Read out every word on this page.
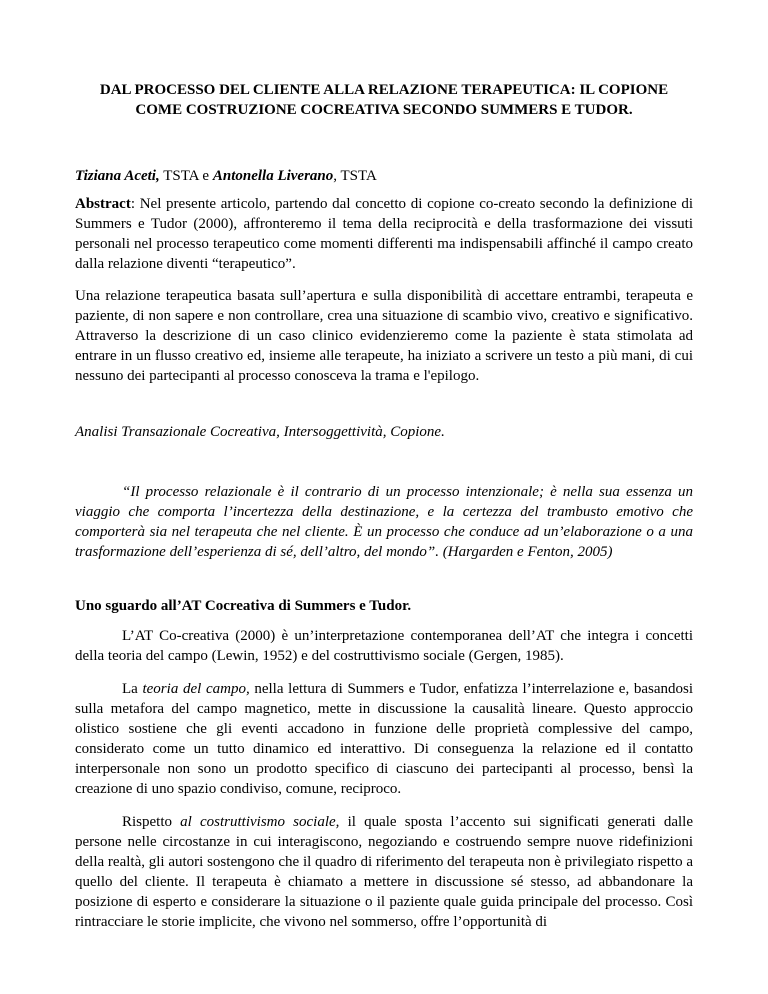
DAL PROCESSO DEL CLIENTE ALLA RELAZIONE TERAPEUTICA: IL COPIONE

COME COSTRUZIONE COCREATIVA SECONDO SUMMERS E TUDOR.

Tiziana Aceti, TSTA e Antonella Liverano, TSTA

Abstract: Nel presente articolo, partendo dal concetto di copione co-creato secondo la definizione di Summers e Tudor (2000), affronteremo il tema della reciprocità e della trasformazione dei vissuti personali nel processo terapeutico come momenti differenti ma indispensabili affinché il campo creato dalla relazione diventi “terapeutico”.

Una relazione terapeutica basata sull’apertura e sulla disponibilità di accettare entrambi, terapeuta e paziente, di non sapere e non controllare, crea una situazione di scambio vivo, creativo e significativo. Attraverso la descrizione di un caso clinico evidenzieremo come la paziente è stata stimolata ad entrare in un flusso creativo ed, insieme alle terapeute, ha iniziato a scrivere un testo a più mani, di cui nessuno dei partecipanti al processo conosceva la trama e l'epilogo.

Analisi Transazionale Cocreativa, Intersoggettività, Copione.

“Il processo relazionale è il contrario di un processo intenzionale; è nella sua essenza un viaggio che comporta l’incertezza della destinazione, e la certezza del trambusto emotivo che comporterà sia nel terapeuta che nel cliente. È un processo che conduce ad un’elaborazione o a una trasformazione dell’esperienza di sé, dell’altro, del mondo”. (Hargarden e Fenton, 2005)

Uno sguardo all’AT Cocreativa di Summers e Tudor.

L’AT Co-creativa (2000) è un’interpretazione contemporanea dell’AT che integra i concetti della teoria del campo (Lewin, 1952) e del costruttivismo sociale (Gergen, 1985).

La teoria del campo, nella lettura di Summers e Tudor, enfatizza l’interrelazione e, basandosi sulla metafora del campo magnetico, mette in discussione la causalità lineare. Questo approccio olistico sostiene che gli eventi accadono in funzione delle proprietà complessive del campo, considerato come un tutto dinamico ed interattivo. Di conseguenza la relazione ed il contatto interpersonale non sono un prodotto specifico di ciascuno dei partecipanti al processo, bensì la creazione di uno spazio condiviso, comune, reciproco.

Rispetto al costruttivismo sociale, il quale sposta l’accento sui significati generati dalle persone nelle circostanze in cui interagiscono, negoziando e costruendo sempre nuove ridefinizioni della realtà, gli autori sostengono che il quadro di riferimento del terapeuta non è privilegiato rispetto a quello del cliente. Il terapeuta è chiamato a mettere in discussione sé stesso, ad abbandonare la posizione di esperto e considerare la situazione o il paziente quale guida principale del processo. Così rintracciare le storie implicite, che vivono nel sommerso, offre l’opportunità di
